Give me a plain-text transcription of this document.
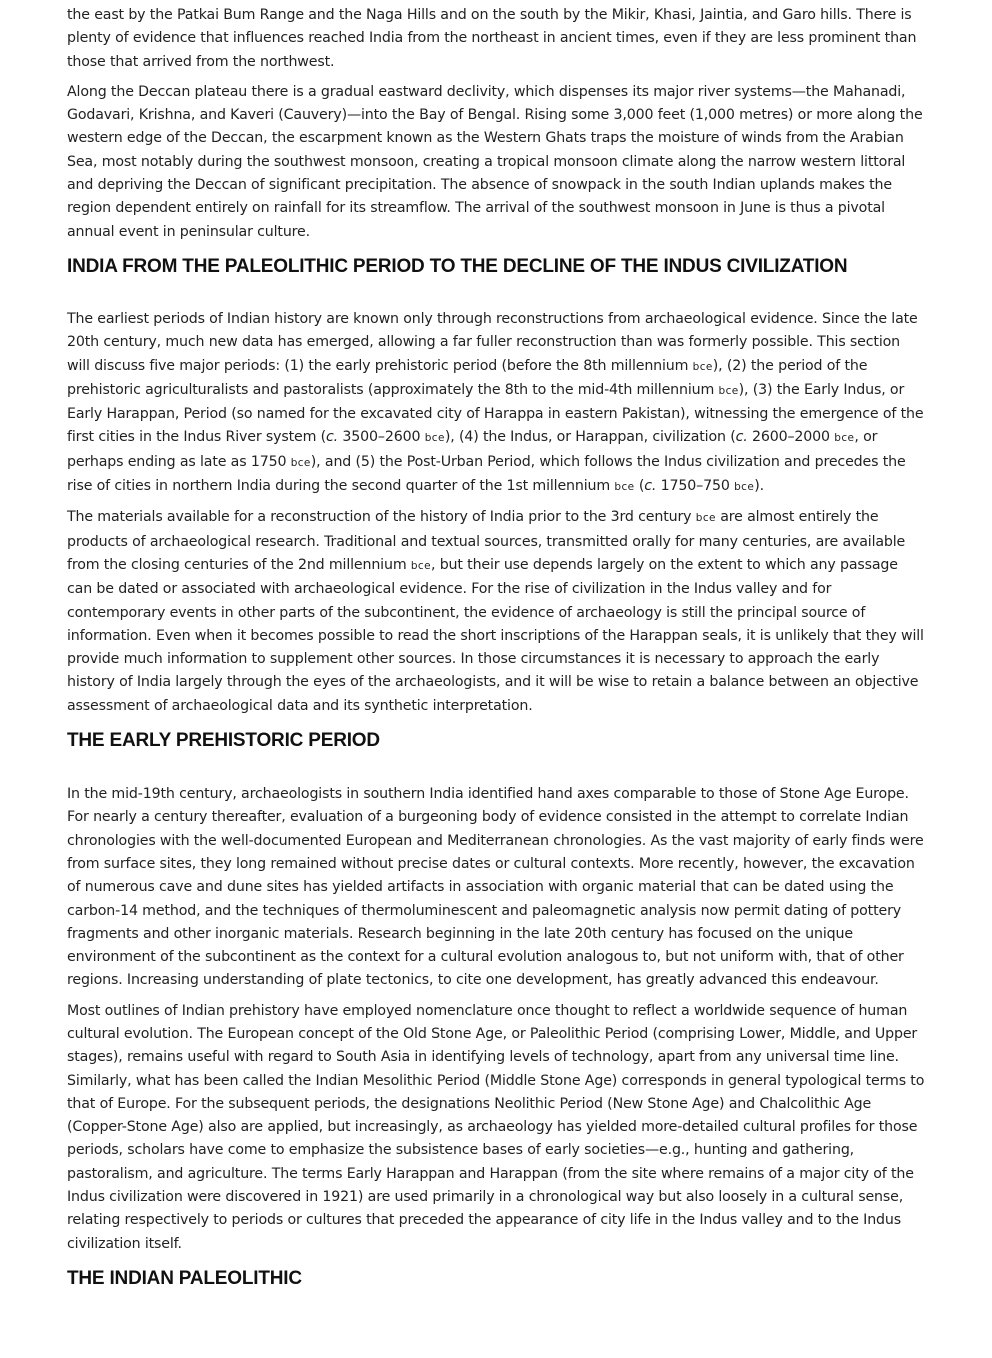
the east by the Patkai Bum Range and the Naga Hills and on the south by the Mikir, Khasi, Jaintia, and Garo hills. There is plenty of evidence that influences reached India from the northeast in ancient times, even if they are less prominent than those that arrived from the northwest.

Along the Deccan plateau there is a gradual eastward declivity, which dispenses its major river systems—the Mahanadi, Godavari, Krishna, and Kaveri (Cauvery)—into the Bay of Bengal. Rising some 3,000 feet (1,000 metres) or more along the western edge of the Deccan, the escarpment known as the Western Ghats traps the moisture of winds from the Arabian Sea, most notably during the southwest monsoon, creating a tropical monsoon climate along the narrow western littoral and depriving the Deccan of significant precipitation. The absence of snowpack in the south Indian uplands makes the region dependent entirely on rainfall for its streamflow. The arrival of the southwest monsoon in June is thus a pivotal annual event in peninsular culture.

INDIA FROM THE PALEOLITHIC PERIOD TO THE DECLINE OF THE INDUS CIVILIZATION

The earliest periods of Indian history are known only through reconstructions from archaeological evidence. Since the late 20th century, much new data has emerged, allowing a far fuller reconstruction than was formerly possible. This section will discuss five major periods: (1) the early prehistoric period (before the 8th millennium bce), (2) the period of the prehistoric agriculturalists and pastoralists (approximately the 8th to the mid-4th millennium bce), (3) the Early Indus, or Early Harappan, Period (so named for the excavated city of Harappa in eastern Pakistan), witnessing the emergence of the first cities in the Indus River system (c. 3500–2600 bce), (4) the Indus, or Harappan, civilization (c. 2600–2000 bce, or perhaps ending as late as 1750 bce), and (5) the Post-Urban Period, which follows the Indus civilization and precedes the rise of cities in northern India during the second quarter of the 1st millennium bce (c. 1750–750 bce).

The materials available for a reconstruction of the history of India prior to the 3rd century bce are almost entirely the products of archaeological research. Traditional and textual sources, transmitted orally for many centuries, are available from the closing centuries of the 2nd millennium bce, but their use depends largely on the extent to which any passage can be dated or associated with archaeological evidence. For the rise of civilization in the Indus valley and for contemporary events in other parts of the subcontinent, the evidence of archaeology is still the principal source of information. Even when it becomes possible to read the short inscriptions of the Harappan seals, it is unlikely that they will provide much information to supplement other sources. In those circumstances it is necessary to approach the early history of India largely through the eyes of the archaeologists, and it will be wise to retain a balance between an objective assessment of archaeological data and its synthetic interpretation.

THE EARLY PREHISTORIC PERIOD

In the mid-19th century, archaeologists in southern India identified hand axes comparable to those of Stone Age Europe. For nearly a century thereafter, evaluation of a burgeoning body of evidence consisted in the attempt to correlate Indian chronologies with the well-documented European and Mediterranean chronologies. As the vast majority of early finds were from surface sites, they long remained without precise dates or cultural contexts. More recently, however, the excavation of numerous cave and dune sites has yielded artifacts in association with organic material that can be dated using the carbon-14 method, and the techniques of thermoluminescent and paleomagnetic analysis now permit dating of pottery fragments and other inorganic materials. Research beginning in the late 20th century has focused on the unique environment of the subcontinent as the context for a cultural evolution analogous to, but not uniform with, that of other regions. Increasing understanding of plate tectonics, to cite one development, has greatly advanced this endeavour.

Most outlines of Indian prehistory have employed nomenclature once thought to reflect a worldwide sequence of human cultural evolution. The European concept of the Old Stone Age, or Paleolithic Period (comprising Lower, Middle, and Upper stages), remains useful with regard to South Asia in identifying levels of technology, apart from any universal time line. Similarly, what has been called the Indian Mesolithic Period (Middle Stone Age) corresponds in general typological terms to that of Europe. For the subsequent periods, the designations Neolithic Period (New Stone Age) and Chalcolithic Age (Copper-Stone Age) also are applied, but increasingly, as archaeology has yielded more-detailed cultural profiles for those periods, scholars have come to emphasize the subsistence bases of early societies—e.g., hunting and gathering, pastoralism, and agriculture. The terms Early Harappan and Harappan (from the site where remains of a major city of the Indus civilization were discovered in 1921) are used primarily in a chronological way but also loosely in a cultural sense, relating respectively to periods or cultures that preceded the appearance of city life in the Indus valley and to the Indus civilization itself.

THE INDIAN PALEOLITHIC
